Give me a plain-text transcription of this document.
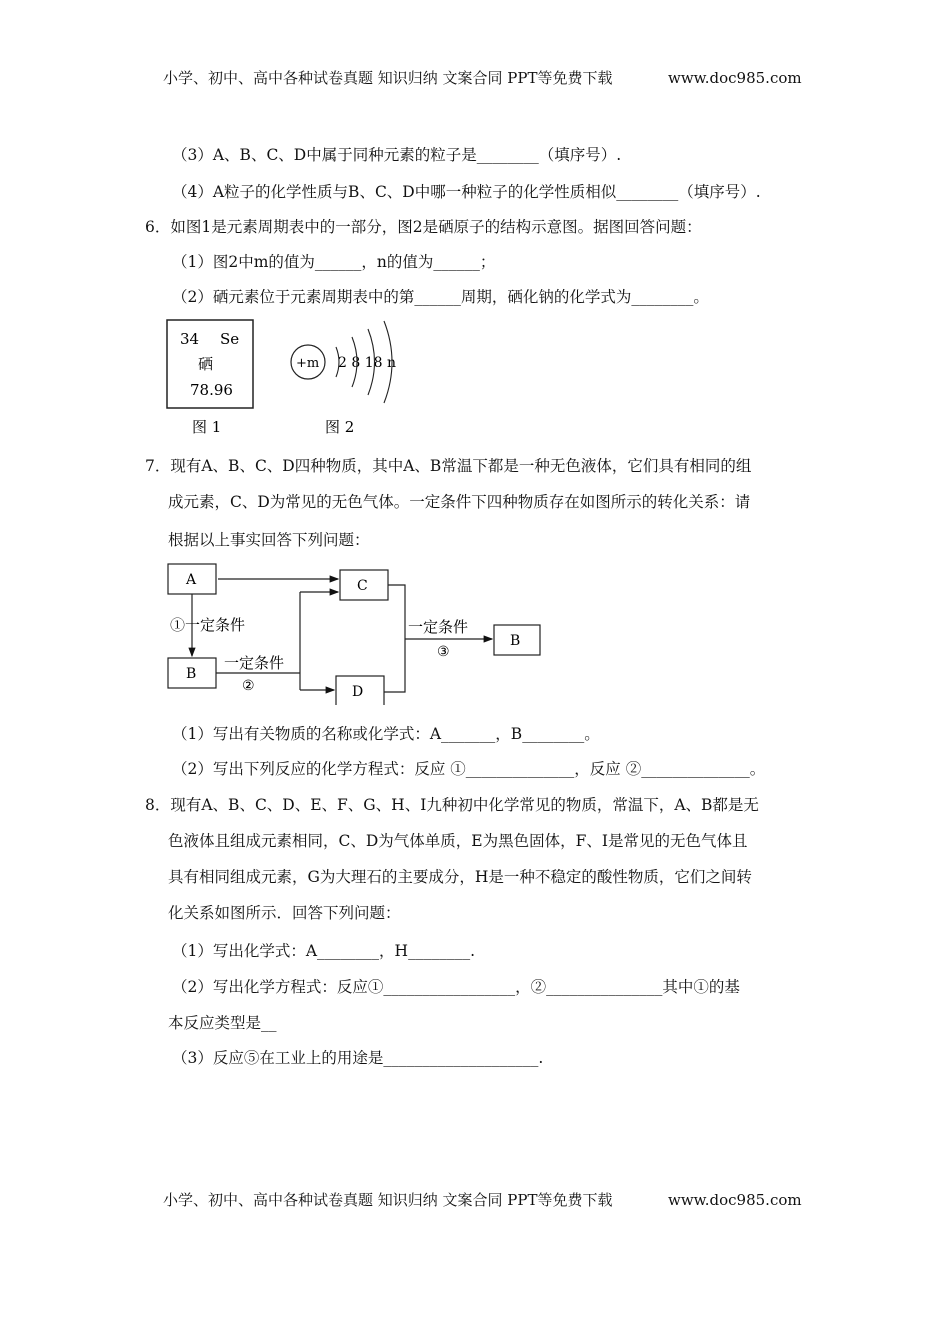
小学、初中、高中各种试卷真题 知识归纳 文案合同 PPT等免费下载	www.doc985.com
（3）A、B、C、D中属于同种元素的粒子是________（填序号）.
（4）A粒子的化学性质与B、C、D中哪一种粒子的化学性质相似________（填序号）.
6．如图1是元素周期表中的一部分，图2是硒原子的结构示意图。据图回答问题：
（1）图2中m的值为______，n的值为______；
（2）硒元素位于元素周期表中的第______周期，硒化钠的化学式为________。
34 Se
硒
78.96
图 1
+m 2 8 18 n
图 2
7．现有A、B、C、D四种物质，其中A、B常温下都是一种无色液体，它们具有相同的组
成元素，C、D为常见的无色气体。一定条件下四种物质存在如图所示的转化关系：请
根据以上事实回答下列问题：
A	C
B
D
B
①一定条件
一定条件
②
一定条件
③
（1）写出有关物质的名称或化学式：A_______，B________。
（2）写出下列反应的化学方程式：反应 ①______________，反应 ②______________。
8．现有A、B、C、D、E、F、G、H、I九种初中化学常见的物质，常温下，A、B都是无
色液体且组成元素相同，C、D为气体单质，E为黑色固体，F、I是常见的无色气体且
具有相同组成元素，G为大理石的主要成分，H是一种不稳定的酸性物质，它们之间转
化关系如图所示．回答下列问题：
（1）写出化学式：A________，H________.
（2）写出化学方程式：反应①_________________，②_______________其中①的基
本反应类型是__
（3）反应⑤在工业上的用途是____________________.
小学、初中、高中各种试卷真题 知识归纳 文案合同 PPT等免费下载	www.doc985.com
